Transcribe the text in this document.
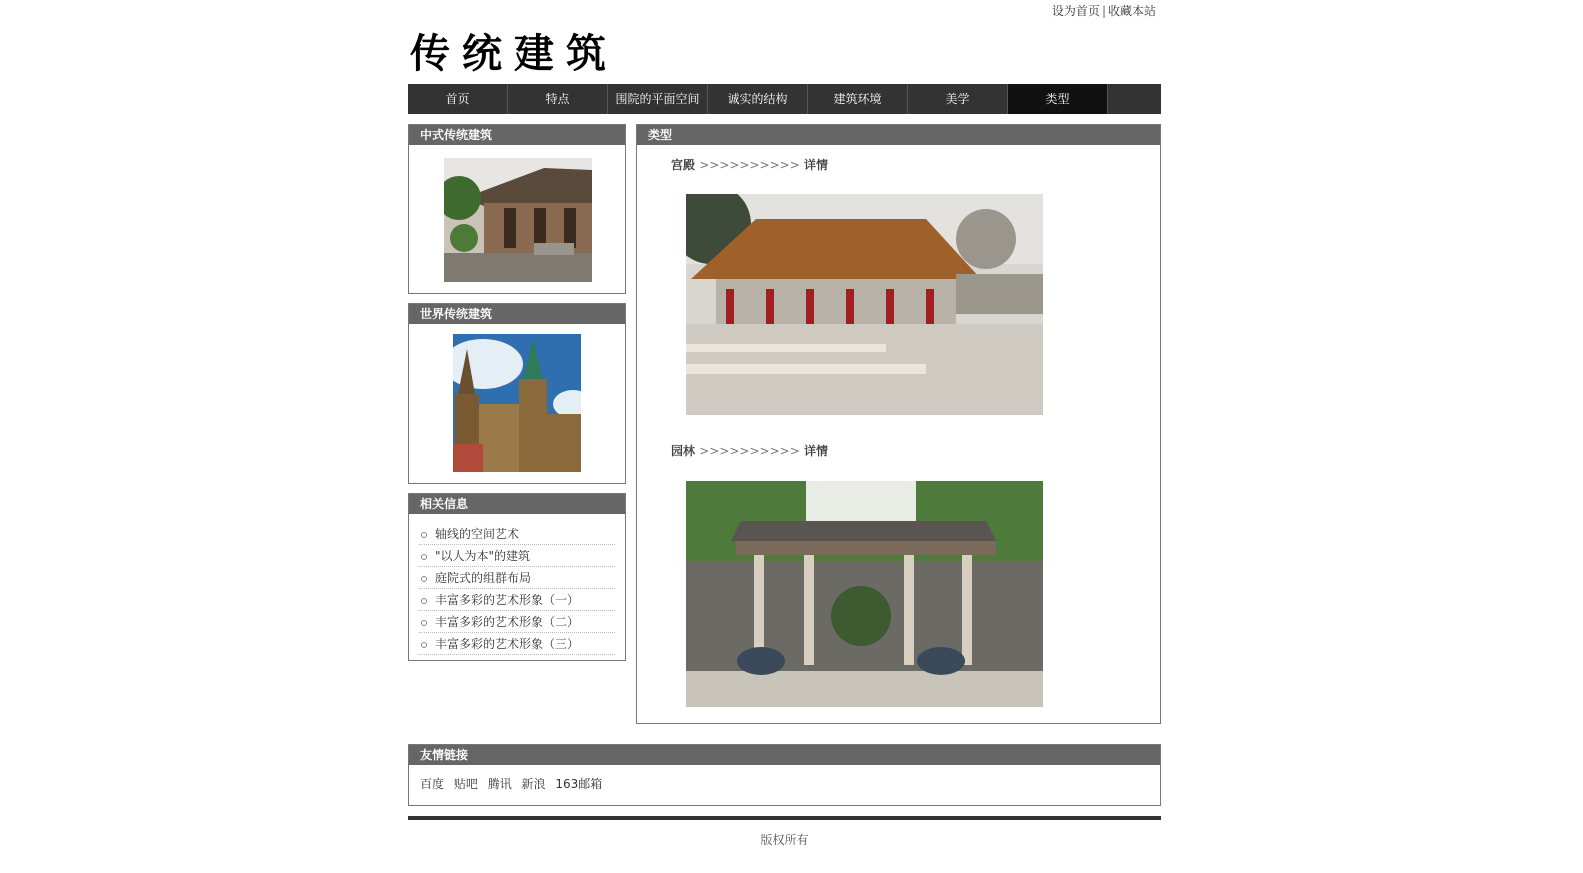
设为首页 | 收藏本站
传统建筑
首页	特点	围院的平面空间	诚实的结构	建筑环境	美学	类型
中式传统建筑
世界传统建筑
相关信息
轴线的空间艺术
"以人为本"的建筑
庭院式的组群布局
丰富多彩的艺术形象（一）
丰富多彩的艺术形象（二）
丰富多彩的艺术形象（三）
类型
宫殿 >>>>>>>>>> 详情
园林 >>>>>>>>>> 详情
友情链接
百度 贴吧 腾讯 新浪 163邮箱
版权所有
